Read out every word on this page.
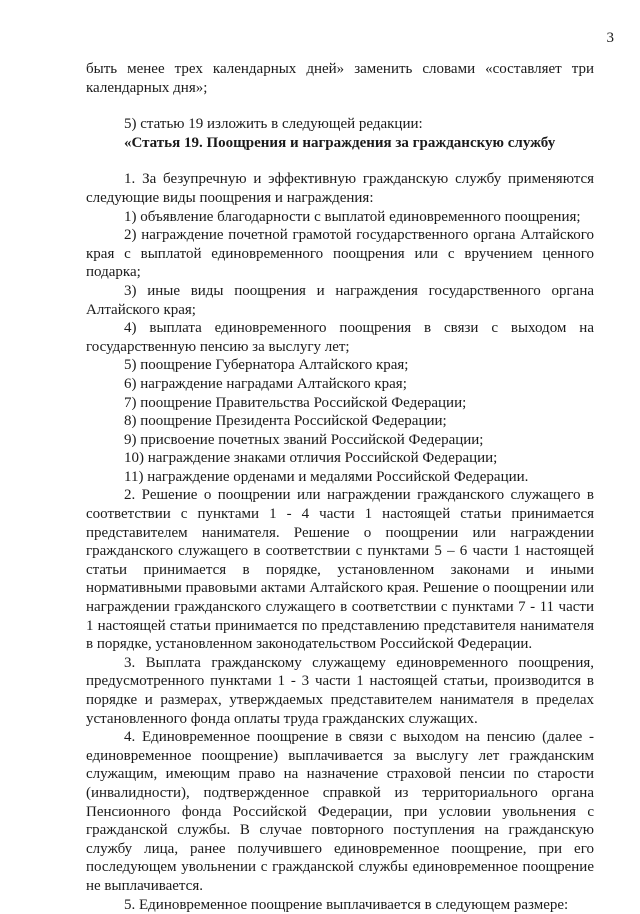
3

быть менее трех календарных дней» заменить словами «составляет три календарных дня»;

5) статью 19 изложить в следующей редакции:

«Статья 19. Поощрения и награждения за гражданскую службу

1. За безупречную и эффективную гражданскую службу применяются следующие виды поощрения и награждения:

1) объявление благодарности с выплатой единовременного поощрения;

2) награждение почетной грамотой государственного органа Алтайского края с выплатой единовременного поощрения или с вручением ценного подарка;

3) иные виды поощрения и награждения государственного органа Алтайского края;

4) выплата единовременного поощрения в связи с выходом на государственную пенсию за выслугу лет;

5) поощрение Губернатора Алтайского края;

6) награждение наградами Алтайского края;

7) поощрение Правительства Российской Федерации;

8) поощрение Президента Российской Федерации;

9) присвоение почетных званий Российской Федерации;

10) награждение знаками отличия Российской Федерации;

11) награждение орденами и медалями Российской Федерации.

2. Решение о поощрении или награждении гражданского служащего в соответствии с пунктами 1 - 4 части 1 настоящей статьи принимается представителем нанимателя. Решение о поощрении или награждении гражданского служащего в соответствии с пунктами 5 – 6 части 1 настоящей статьи принимается в порядке, установленном законами и иными нормативными правовыми актами Алтайского края. Решение о поощрении или награждении гражданского служащего в соответствии с пунктами 7 - 11 части 1 настоящей статьи принимается по представлению представителя нанимателя в порядке, установленном законодательством Российской Федерации.

3. Выплата гражданскому служащему единовременного поощрения, предусмотренного пунктами 1 - 3 части 1 настоящей статьи, производится в порядке и размерах, утверждаемых представителем нанимателя в пределах установленного фонда оплаты труда гражданских служащих.

4. Единовременное поощрение в связи с выходом на пенсию (далее - единовременное поощрение) выплачивается за выслугу лет гражданским служащим, имеющим право на назначение страховой пенсии по старости (инвалидности), подтвержденное справкой из территориального органа Пенсионного фонда Российской Федерации, при условии увольнения с гражданской службы. В случае повторного поступления на гражданскую службу лица, ранее получившего единовременное поощрение, при его последующем увольнении с гражданской службы единовременное поощрение не выплачивается.

5. Единовременное поощрение выплачивается в следующем размере:
